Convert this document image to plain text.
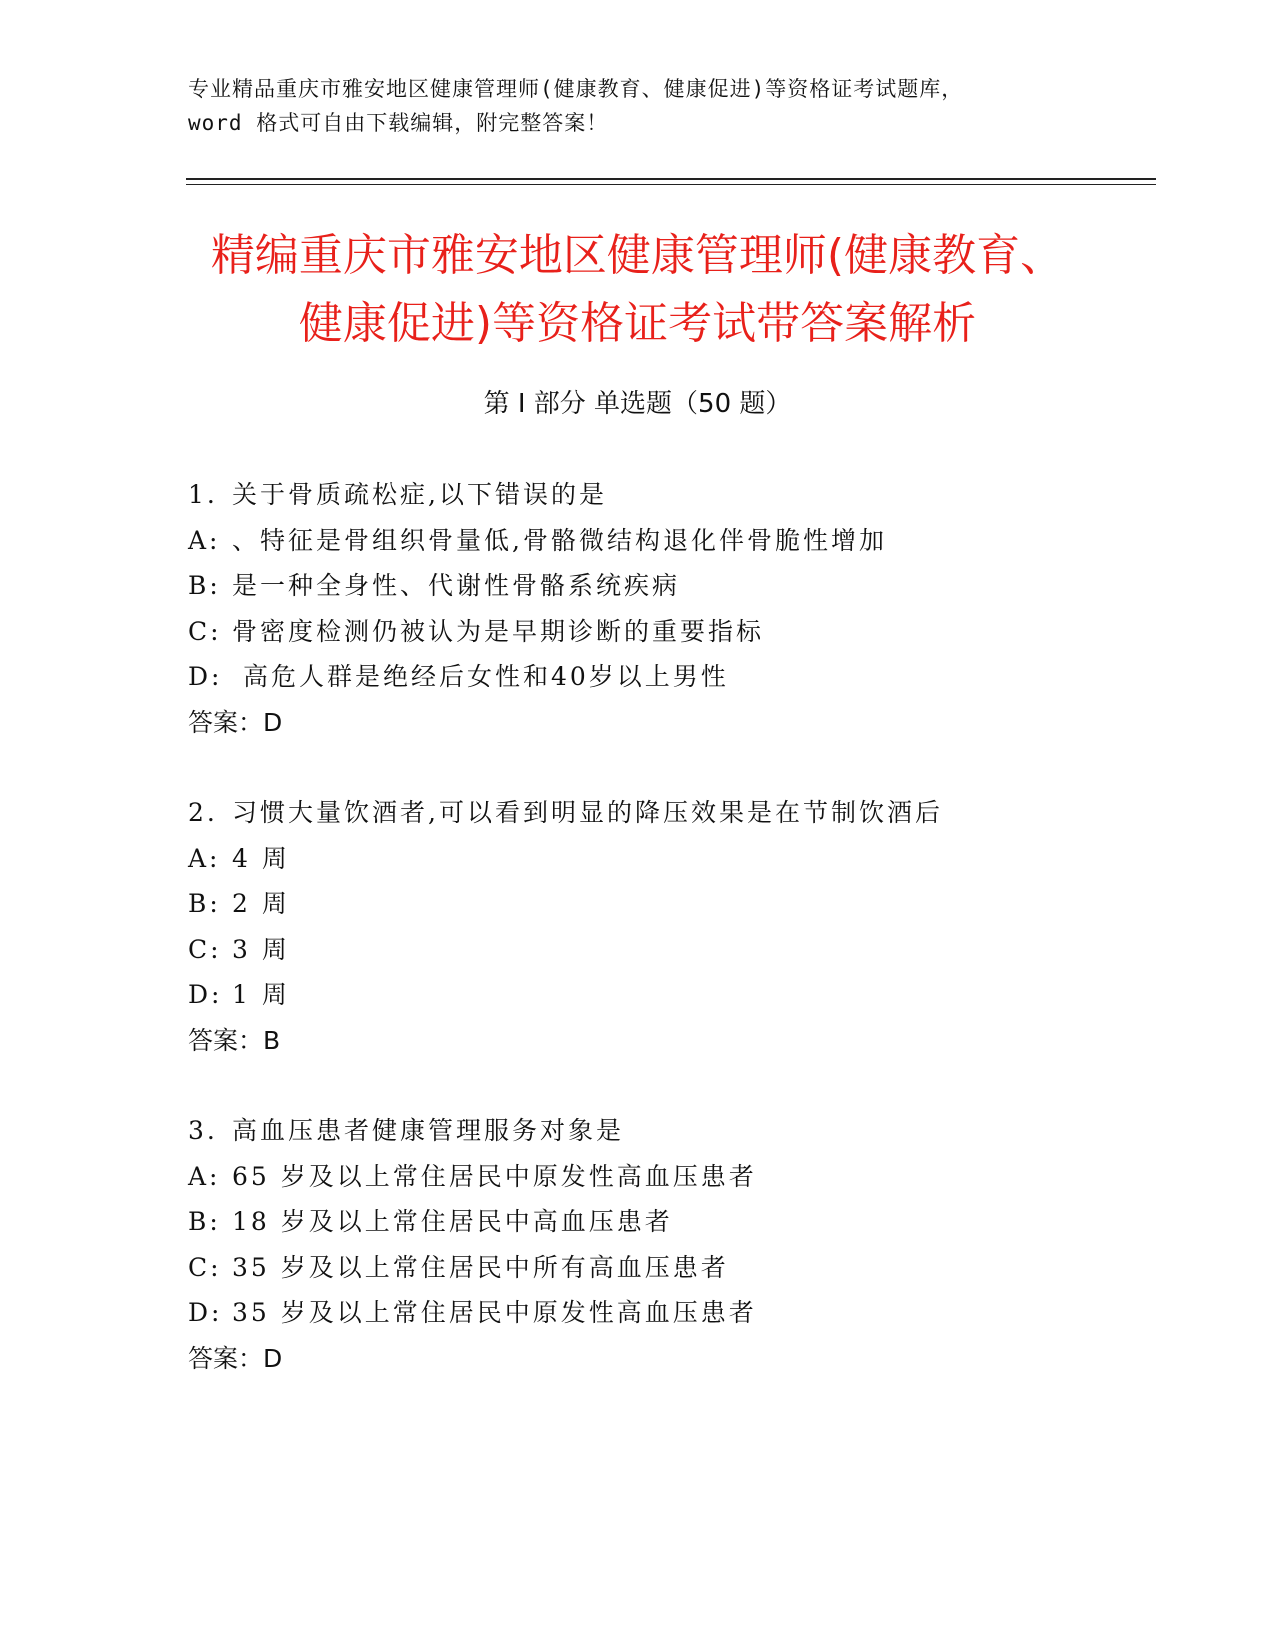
专业精品重庆市雅安地区健康管理师(健康教育、健康促进)等资格证考试题库，
word 格式可自由下载编辑，附完整答案！
精编重庆市雅安地区健康管理师(健康教育、
健康促进)等资格证考试带答案解析
第 I 部分 单选题（50 题）
1. 关于骨质疏松症,以下错误的是
A: 、特征是骨组织骨量低,骨骼微结构退化伴骨脆性增加
B: 是一种全身性、代谢性骨骼系统疾病
C: 骨密度检测仍被认为是早期诊断的重要指标
D: 高危人群是绝经后女性和40岁以上男性
答案：D
2. 习惯大量饮酒者,可以看到明显的降压效果是在节制饮酒后
A: 4 周
B: 2 周
C: 3 周
D: 1 周
答案：B
3. 高血压患者健康管理服务对象是
A: 65 岁及以上常住居民中原发性高血压患者
B: 18 岁及以上常住居民中高血压患者
C: 35 岁及以上常住居民中所有高血压患者
D: 35 岁及以上常住居民中原发性高血压患者
答案：D
